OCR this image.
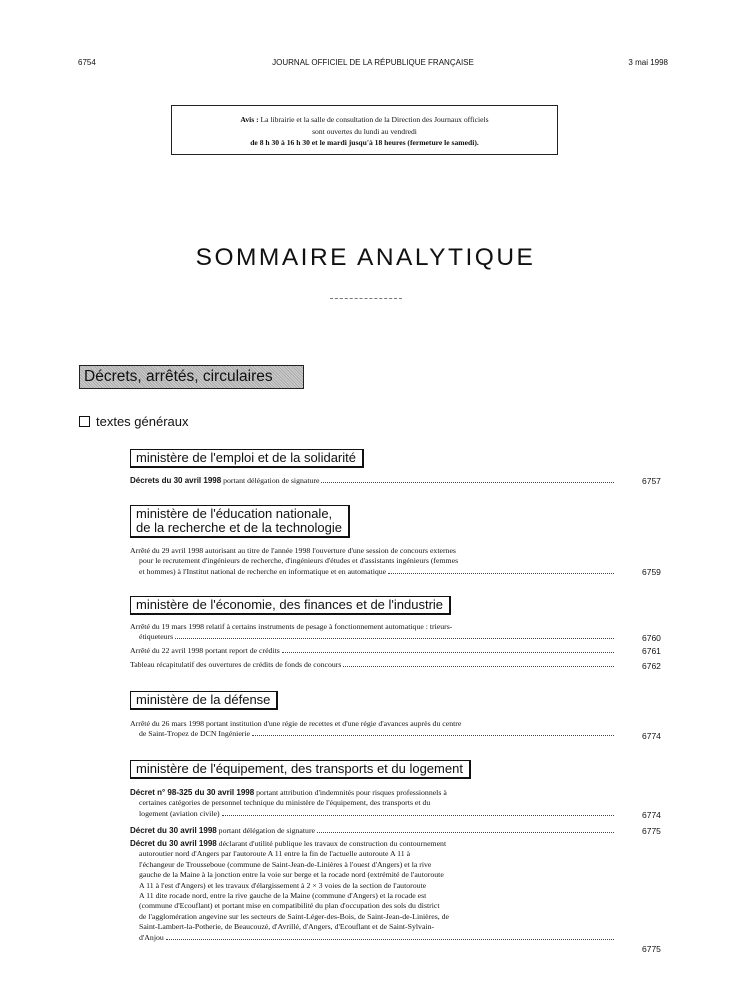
6754	JOURNAL OFFICIEL DE LA RÉPUBLIQUE FRANÇAISE	3 mai 1998
Avis : La librairie et la salle de consultation de la Direction des Journaux officiels
sont ouvertes du lundi au vendredi
de 8 h 30 à 16 h 30 et le mardi jusqu'à 18 heures (fermeture le samedi).
SOMMAIRE ANALYTIQUE
Décrets, arrêtés, circulaires
textes généraux
ministère de l'emploi et de la solidarité
Décrets du 30 avril 1998 portant délégation de signature	6757
ministère de l'éducation nationale,
de la recherche et de la technologie
Arrêté du 29 avril 1998 autorisant au titre de l'année 1998 l'ouverture d'une session de concours externes
pour le recrutement d'ingénieurs de recherche, d'ingénieurs d'études et d'assistants ingénieurs (femmes
et hommes) à l'Institut national de recherche en informatique et en automatique	6759
ministère de l'économie, des finances et de l'industrie
Arrêté du 19 mars 1998 relatif à certains instruments de pesage à fonctionnement automatique : trieurs-
étiqueteurs	6760
Arrêté du 22 avril 1998 portant report de crédits	6761
Tableau récapitulatif des ouvertures de crédits de fonds de concours	6762
ministère de la défense
Arrêté du 26 mars 1998 portant institution d'une régie de recettes et d'une régie d'avances auprès du centre
de Saint-Tropez de DCN Ingénierie	6774
ministère de l'équipement, des transports et du logement
Décret n° 98-325 du 30 avril 1998 portant attribution d'indemnités pour risques professionnels à
certaines catégories de personnel technique du ministère de l'équipement, des transports et du
logement (aviation civile)	6774
Décret du 30 avril 1998 portant délégation de signature	6775
Décret du 30 avril 1998 déclarant d'utilité publique les travaux de construction du contournement
autoroutier nord d'Angers par l'autoroute A 11 entre la fin de l'actuelle autoroute A 11 à
l'échangeur de Trousseboue (commune de Saint-Jean-de-Linières à l'ouest d'Angers) et la rive
gauche de la Maine à la jonction entre la voie sur berge et la rocade nord (extrémité de l'autoroute
A 11 à l'est d'Angers) et les travaux d'élargissement à 2 × 3 voies de la section de l'autoroute
A 11 dite rocade nord, entre la rive gauche de la Maine (commune d'Angers) et la rocade est
(commune d'Ecouflant) et portant mise en compatibilité du plan d'occupation des sols du district
de l'agglomération angevine sur les secteurs de Saint-Léger-des-Bois, de Saint-Jean-de-Linières, de
Saint-Lambert-la-Potherie, de Beaucouzé, d'Avrillé, d'Angers, d'Ecouflant et de Saint-Sylvain-
d'Anjou
6775
